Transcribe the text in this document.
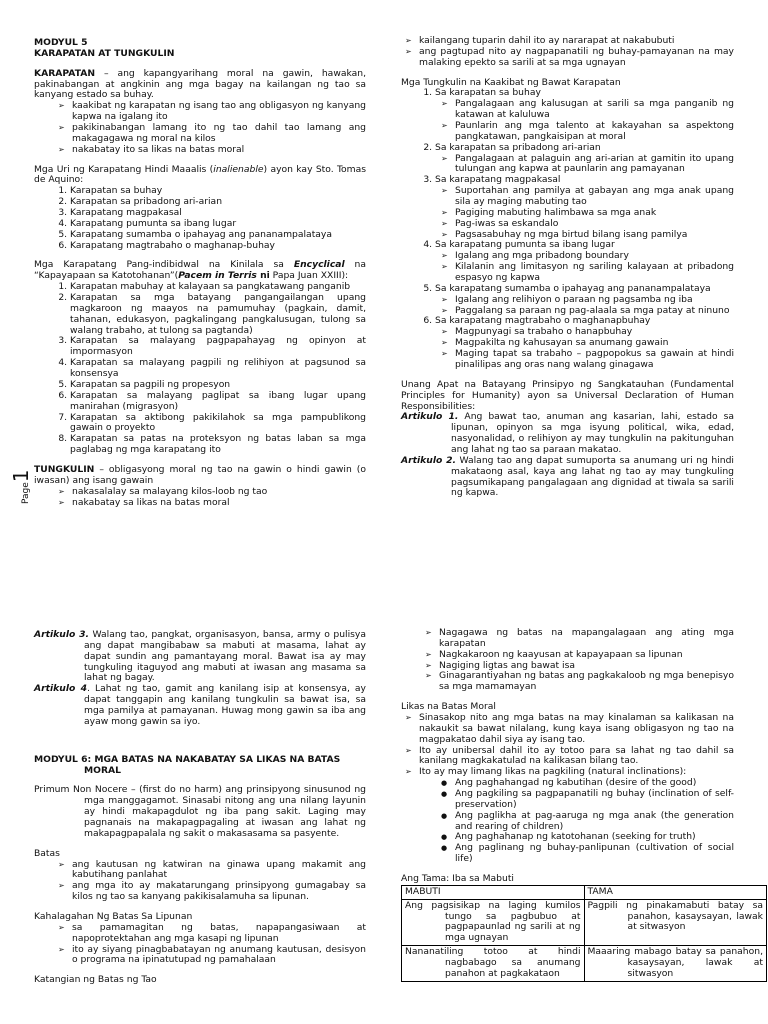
Page1

MODYUL 5

KARAPATAN AT TUNGKULIN

KARAPATAN – ang kapangyarihang moral na gawin, hawakan, pakinabangan at angkinin ang mga bagay na kailangan ng tao sa kanyang estado sa buhay.

➢ kaakibat ng karapatan ng isang tao ang obligasyon ng kanyang kapwa na igalang ito
➢ pakikinabangan lamang ito ng tao dahil tao lamang ang makagagawa ng moral na kilos
➢ nakabatay ito sa likas na batas moral

Mga Uri ng Karapatang Hindi Maaalis (inalienable) ayon kay Sto. Tomas de Aquino:

1. Karapatan sa buhay
2. Karapatan sa pribadong ari-arian
3. Karapatang magpakasal
4. Karapatang pumunta sa ibang lugar
5. Karapatang sumamba o ipahayag ang pananampalataya
6. Karapatang magtrabaho o maghanap-buhay

Mga Karapatang Pang-indibidwal na Kinilala sa Encyclical na “Kapayapaan sa Katotohanan”(Pacem in Terris ni Papa Juan XXIII):

1. Karapatan mabuhay at kalayaan sa pangkatawang panganib
2. Karapatan sa mga batayang pangangailangan upang magkaroon ng maayos na pamumuhay (pagkain, damit, tahanan, edukasyon, pagkalingang pangkalusugan, tulong sa walang trabaho, at tulong sa pagtanda)
3. Karapatan sa malayang pagpapahayag ng opinyon at impormasyon
4. Karapatan sa malayang pagpili ng relihiyon at pagsunod sa konsensya
5. Karapatan sa pagpili ng propesyon
6. Karapatan sa malayang paglipat sa ibang lugar upang manirahan (migrasyon)
7. Karapatan sa aktibong pakikilahok sa mga pampublikong gawain o proyekto
8. Karapatan sa patas na proteksyon ng batas laban sa mga paglabag ng mga karapatang ito

TUNGKULIN – obligasyong moral ng tao na gawin o hindi gawin (o iwasan) ang isang gawain

➢ nakasalalay sa malayang kilos-loob ng tao
➢ nakabatay sa likas na batas moral
➢ kailangang tuparin dahil ito ay nararapat at nakabubuti
➢ ang pagtupad nito ay nagpapanatili ng buhay-pamayanan na may malaking epekto sa sarili at sa mga ugnayan

Mga Tungkulin na Kaakibat ng Bawat Karapatan

1. Sa karapatan sa buhay
➢ Pangalagaan ang kalusugan at sarili sa mga panganib ng katawan at kaluluwa
➢ Paunlarin ang mga talento at kakayahan sa aspektong pangkatawan, pangkaisipan at moral
2. Sa karapatan sa pribadong ari-arian
➢ Pangalagaan at palaguin ang ari-arian at gamitin ito upang tulungan ang kapwa at paunlarin ang pamayanan
3. Sa karapatang magpakasal
➢ Suportahan ang pamilya at gabayan ang mga anak upang sila ay maging mabuting tao
➢ Pagiging mabuting halimbawa sa mga anak
➢ Pag-iwas sa eskandalo
➢ Pagsasabuhay ng mga birtud bilang isang pamilya
4. Sa karapatang pumunta sa ibang lugar
➢ Igalang ang mga pribadong boundary
➢ Kilalanin ang limitasyon ng sariling kalayaan at pribadong espasyo ng kapwa
5. Sa karapatang sumamba o ipahayag ang pananampalataya
➢ Igalang ang relihiyon o paraan ng pagsamba ng iba
➢ Paggalang sa paraan ng pag-alaala sa mga patay at ninuno
6. Sa karapatang magtrabaho o maghanapbuhay
➢ Magpunyagi sa trabaho o hanapbuhay
➢ Magpakilta ng kahusayan sa anumang gawain
➢ Maging tapat sa trabaho – pagpopokus sa gawain at hindi pinalilipas ang oras nang walang ginagawa

Unang Apat na Batayang Prinsipyo ng Sangkatauhan (Fundamental Principles for Humanity) ayon sa Universal Declaration of Human Responsibilities:

Artikulo 1. Ang bawat tao, anuman ang kasarian, lahi, estado sa lipunan, opinyon sa mga isyung political, wika, edad, nasyonalidad, o relihiyon ay may tungkulin na pakitunguhan ang lahat ng tao sa paraan makatao.

Artikulo 2. Walang tao ang dapat sumuporta sa anumang uri ng hindi makataong asal, kaya ang lahat ng tao ay may tungkuling pagsumikapang pangalagaan ang dignidad at tiwala sa sarili ng kapwa.

Artikulo 3. Walang tao, pangkat, organisasyon, bansa, army o pulisya ang dapat mangibabaw sa mabuti at masama, lahat ay dapat sundin ang pamantayang moral. Bawat isa ay may tungkuling itaguyod ang mabuti at iwasan ang masama sa lahat ng bagay.

Artikulo 4. Lahat ng tao, gamit ang kanilang isip at konsensya, ay dapat tanggapin ang kanilang tungkulin sa bawat isa, sa mga pamilya at pamayanan. Huwag mong gawin sa iba ang ayaw mong gawin sa iyo.

MODYUL 6: MGA BATAS NA NAKABATAY SA LIKAS NA BATAS
MORAL

Primum Non Nocere – (first do no harm) ang prinsipyong sinusunod ng mga manggagamot. Sinasabi nitong ang una nilang layunin ay hindi makapagdulot ng iba pang sakit. Laging may pagnanais na makapagpagaling at iwasan ang lahat ng makapagpapalala ng sakit o makasasama sa pasyente.

Batas

➢ ang kautusan ng katwiran na ginawa upang makamit ang kabutihang panlahat
➢ ang mga ito ay makatarungang prinsipyong gumagabay sa kilos ng tao sa kanyang pakikisalamuha sa lipunan.

Kahalagahan Ng Batas Sa Lipunan

➢ sa pamamagitan ng batas, napapangasiwaan at napoprotektahan ang mga kasapi ng lipunan
➢ ito ay siyang pinagbabatayan ng anumang kautusan, desisyon o programa na ipinatutupad ng pamahalaan

Katangian ng Batas ng Tao

➢ Nagagawa ng batas na mapangalagaan ang ating mga karapatan
➢ Nagkakaroon ng kaayusan at kapayapaan sa lipunan
➢ Nagiging ligtas ang bawat isa
➢ Ginagarantiyahan ng batas ang pagkakaloob ng mga benepisyo sa mga mamamayan

Likas na Batas Moral

➢ Sinasakop nito ang mga batas na may kinalaman sa kalikasan na nakaukit sa bawat nilalang, kung kaya isang obligasyon ng tao na magpakatao dahil siya ay isang tao.
➢ Ito ay unibersal dahil ito ay totoo para sa lahat ng tao dahil sa kanilang magkakatulad na kalikasan bilang tao.
➢ Ito ay may limang likas na pagkiling (natural inclinations):
● Ang paghahangad ng kabutihan (desire of the good)
● Ang pagkiling sa pagpapanatili ng buhay (inclination of self-preservation)
● Ang paglikha at pag-aaruga ng mga anak (the generation and rearing of children)
● Ang paghahanap ng katotohanan (seeking for truth)
● Ang paglinang ng buhay-panlipunan (cultivation of social life)

Ang Tama: Iba sa Mabuti

MABUTI	TAMA

Ang pagsisikap na laging kumilos tungo sa pagbubuo at pagpapaunlad ng sarili at ng mga ugnayan	Pagpili ng pinakamabuti batay sa panahon, kasaysayan, lawak at sitwasyon

Nananatiling totoo at hindi nagbabago sa anumang panahon at pagkakataon	Maaaring mabago batay sa panahon, kasaysayan, lawak at sitwasyon
